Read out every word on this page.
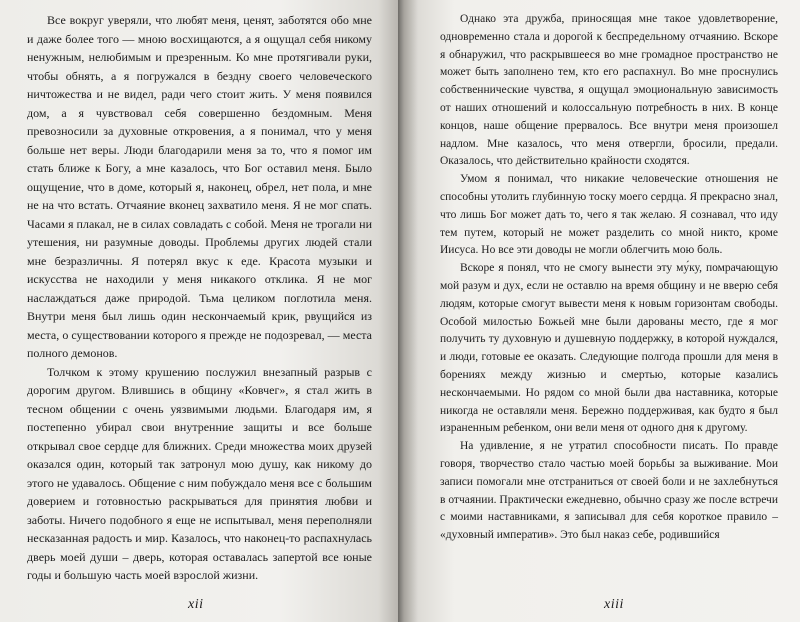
Все вокруг уверяли, что любят меня, ценят, заботятся обо мне и даже более того — мною восхищаются, а я ощущал себя никому ненужным, нелюбимым и презренным. Ко мне протягивали руки, чтобы обнять, а я погружался в бездну своего человеческого ничтожества и не видел, ради чего стоит жить. У меня появился дом, а я чувствовал себя совершенно бездомным. Меня превозносили за духовные откровения, а я понимал, что у меня больше нет веры. Люди благодарили меня за то, что я помог им стать ближе к Богу, а мне казалось, что Бог оставил меня. Было ощущение, что в доме, который я, наконец, обрел, нет пола, и мне не на что встать. Отчаяние вконец захватило меня. Я не мог спать. Часами я плакал, не в силах совладать с собой. Меня не трогали ни утешения, ни разумные доводы. Проблемы других людей стали мне безразличны. Я потерял вкус к еде. Красота музыки и искусства не находили у меня никакого отклика. Я не мог наслаждаться даже природой. Тьма целиком поглотила меня. Внутри меня был лишь один нескончаемый крик, рвущийся из места, о существовании которого я прежде не подозревал, — места полного демонов.

Толчком к этому крушению послужил внезапный разрыв с дорогим другом. Влившись в общину «Ковчег», я стал жить в тесном общении с очень уязвимыми людьми. Благодаря им, я постепенно убирал свои внутренние защиты и все больше открывал свое сердце для ближних. Среди множества моих друзей оказался один, который так затронул мою душу, как никому до этого не удавалось. Общение с ним побуждало меня все с большим доверием и готовностью раскрываться для принятия любви и заботы. Ничего подобного я еще не испытывал, меня переполняли несказанная радость и мир. Казалось, что наконец-то распахнулась дверь моей души – дверь, которая оставалась запертой все юные годы и большую часть моей взрослой жизни.

xii

Однако эта дружба, приносящая мне такое удовлетворение, одновременно стала и дорогой к беспредельному отчаянию. Вскоре я обнаружил, что раскрывшееся во мне громадное пространство не может быть заполнено тем, кто его распахнул. Во мне проснулись собственнические чувства, я ощущал эмоциональную зависимость от наших отношений и колоссальную потребность в них. В конце концов, наше общение прервалось. Все внутри меня произошел надлом. Мне казалось, что меня отвергли, бросили, предали. Оказалось, что действительно крайности сходятся.

Умом я понимал, что никакие человеческие отношения не способны утолить глубинную тоску моего сердца. Я прекрасно знал, что лишь Бог может дать то, чего я так желаю. Я сознавал, что иду тем путем, который не может разделить со мной никто, кроме Иисуса. Но все эти доводы не могли облегчить мою боль.

Вскоре я понял, что не смогу вынести эту му́ку, помрачающую мой разум и дух, если не оставлю на время общину и не вверю себя людям, которые смогут вывести меня к новым горизонтам свободы. Особой милостью Божьей мне были дарованы место, где я мог получить ту духовную и душевную поддержку, в которой нуждался, и люди, готовые ее оказать. Следующие полгода прошли для меня в борениях между жизнью и смертью, которые казались нескончаемыми. Но рядом со мной были два наставника, которые никогда не оставляли меня. Бережно поддерживая, как будто я был израненным ребенком, они вели меня от одного дня к другому.

На удивление, я не утратил способности писать. По правде говоря, творчество стало частью моей борьбы за выживание. Мои записи помогали мне отстраниться от своей боли и не захлебнуться в отчаянии. Практически ежедневно, обычно сразу же после встречи с моими наставниками, я записывал для себя короткое правило – «духовный императив». Это был наказ себе, родившийся

xiii
